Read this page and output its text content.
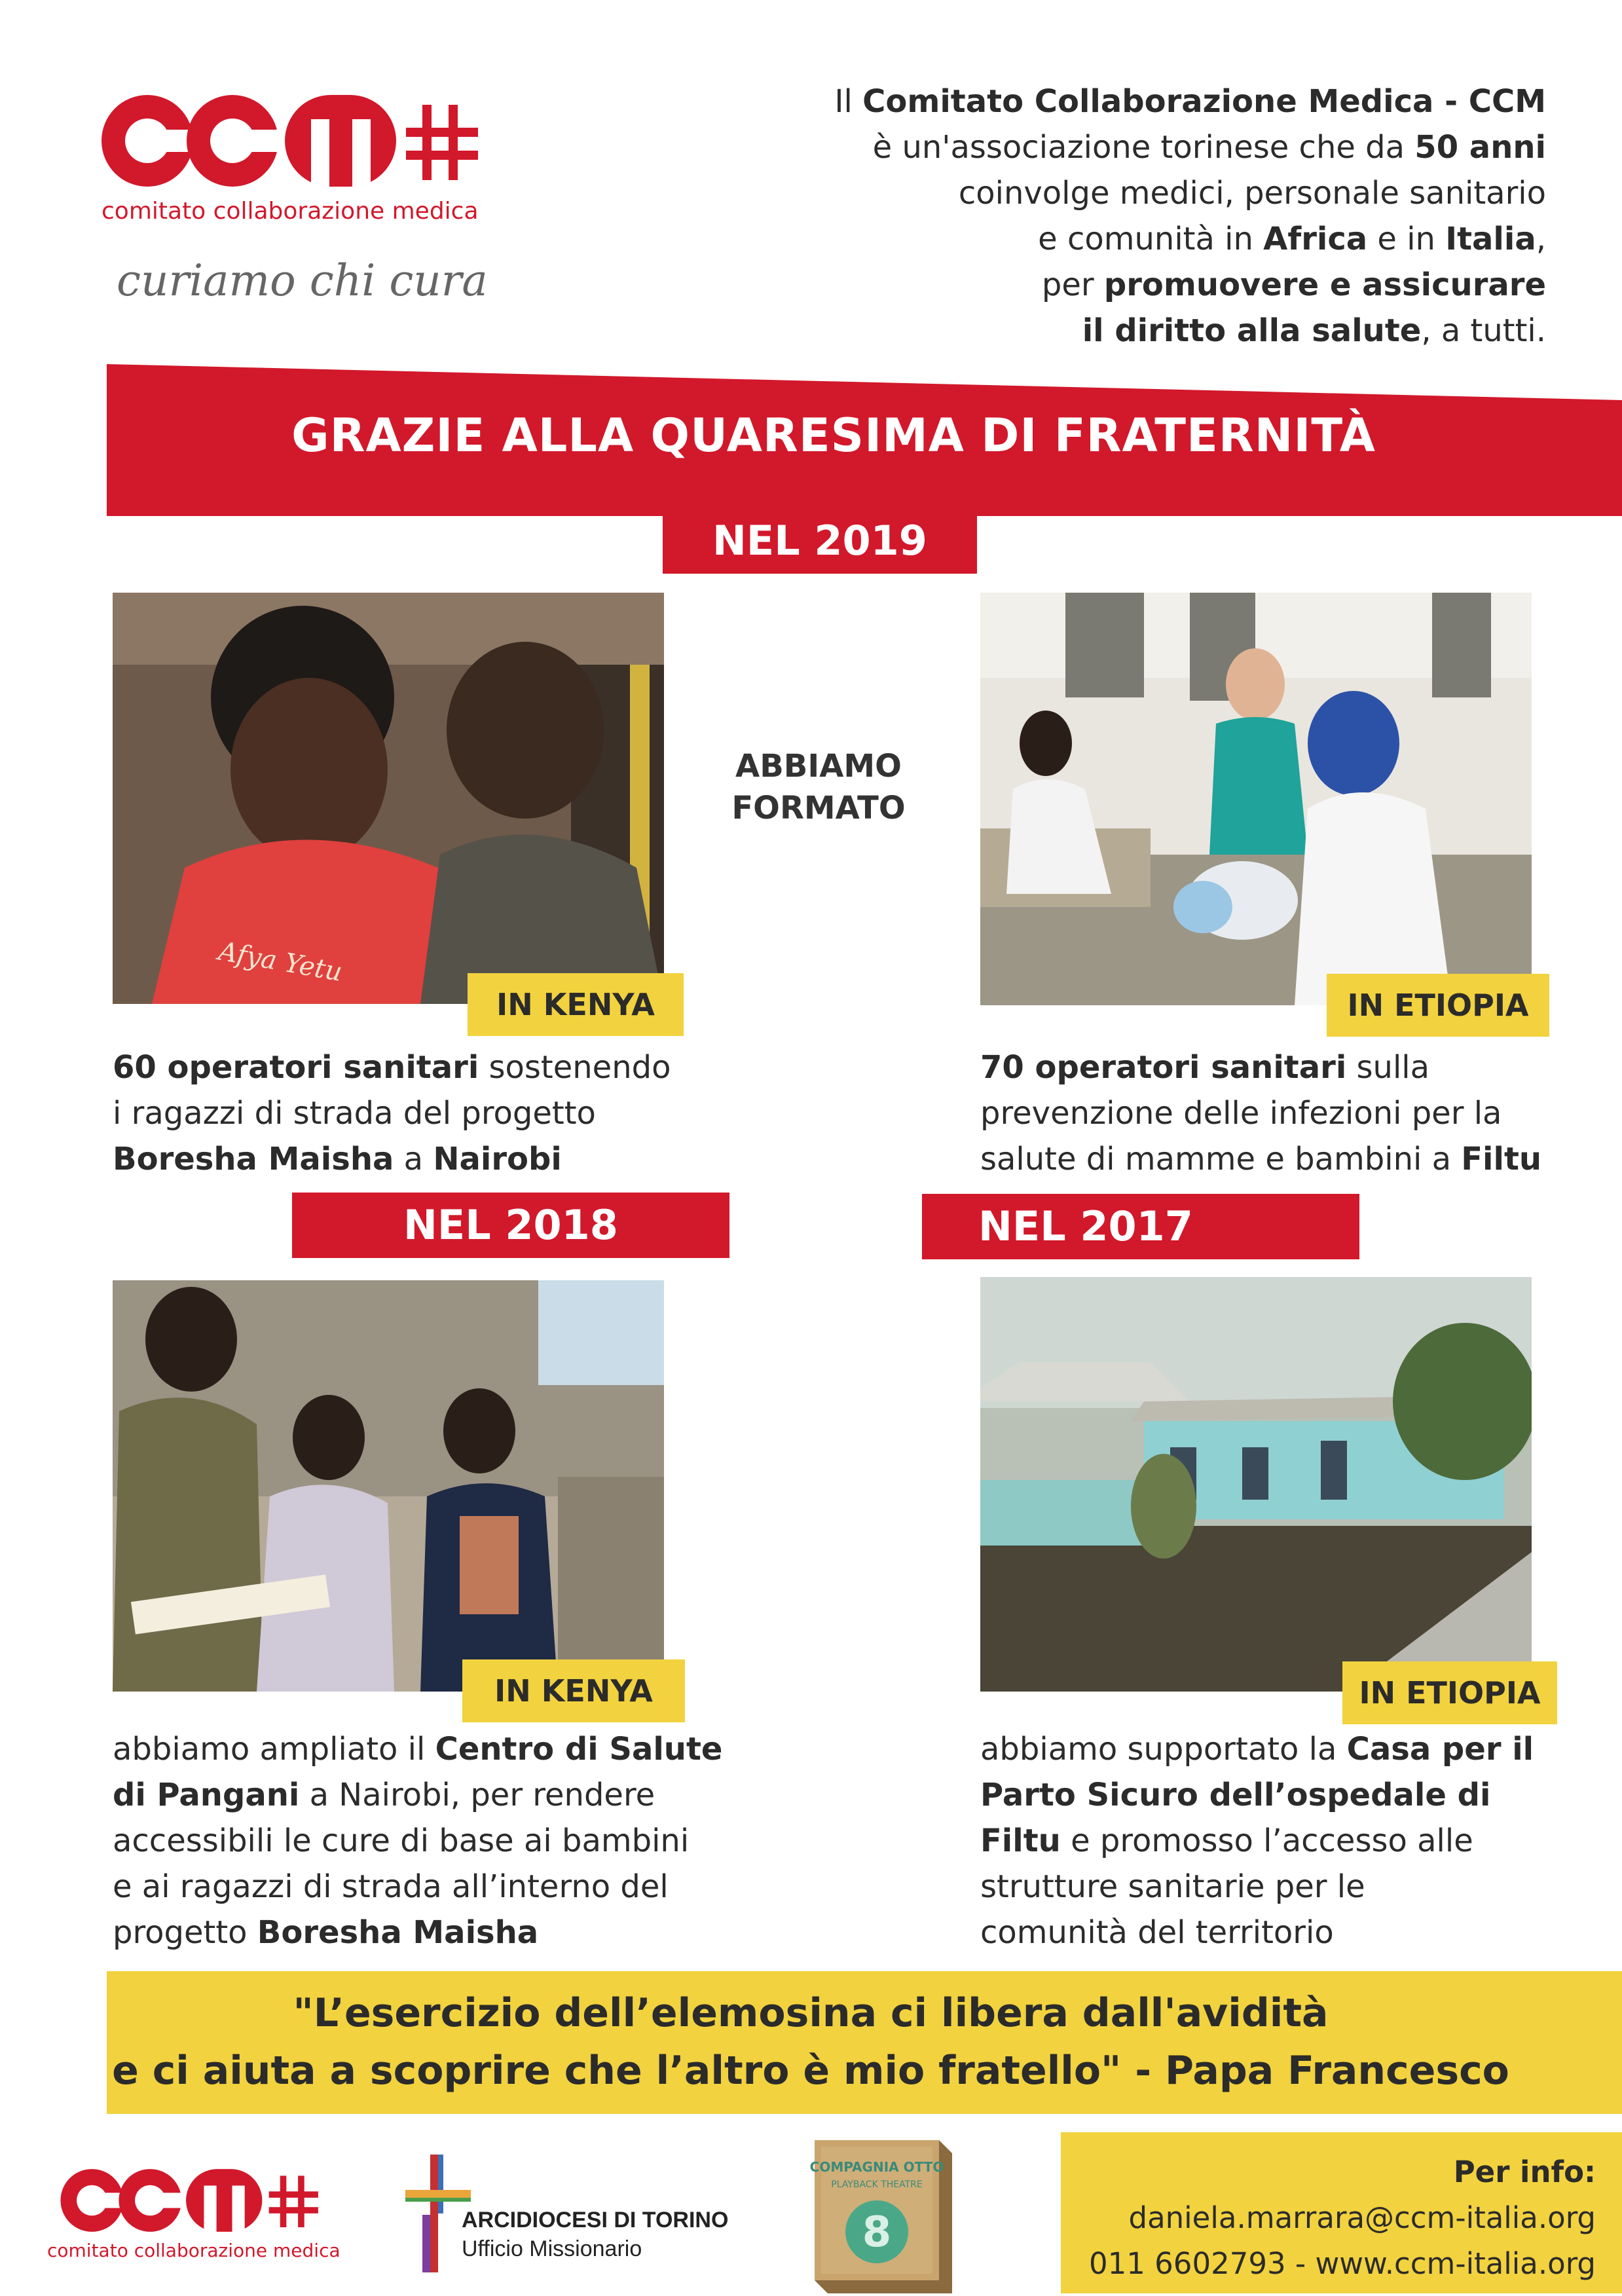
comitato collaborazione medica
curiamo chi cura
Il Comitato Collaborazione Medica - CCM
è un'associazione torinese che da 50 anni
coinvolge medici, personale sanitario
e comunità in Africa e in Italia,
per promuovere e assicurare
il diritto alla salute, a tutti.
GRAZIE ALLA QUARESIMA DI FRATERNITÀ
NEL 2019
Afya Yetu
IN KENYA
60 operatori sanitari sostenendo
i ragazzi di strada del progetto
Boresha Maisha a Nairobi
ABBIAMO
FORMATO
IN ETIOPIA
70 operatori sanitari sulla
prevenzione delle infezioni per la
salute di mamme e bambini a Filtu
NEL 2018	NEL 2017
IN KENYA
abbiamo ampliato il Centro di Salute
di Pangani a Nairobi, per rendere
accessibili le cure di base ai bambini
e ai ragazzi di strada all’interno del
progetto Boresha Maisha
IN ETIOPIA
abbiamo supportato la Casa per il
Parto Sicuro dell’ospedale di
Filtu e promosso l’accesso alle
strutture sanitarie per le
comunità del territorio
"L’esercizio dell’elemosina ci libera dall'avidità
e ci aiuta a scoprire che l’altro è mio fratello" - Papa Francesco
comitato collaborazione medica
ARCIDIOCESI DI TORINO
Ufficio Missionario
COMPAGNIA OTTO
PLAYBACK THEATRE
8
Per info:
daniela.marrara@ccm-italia.org
011 6602793 - www.ccm-italia.org
